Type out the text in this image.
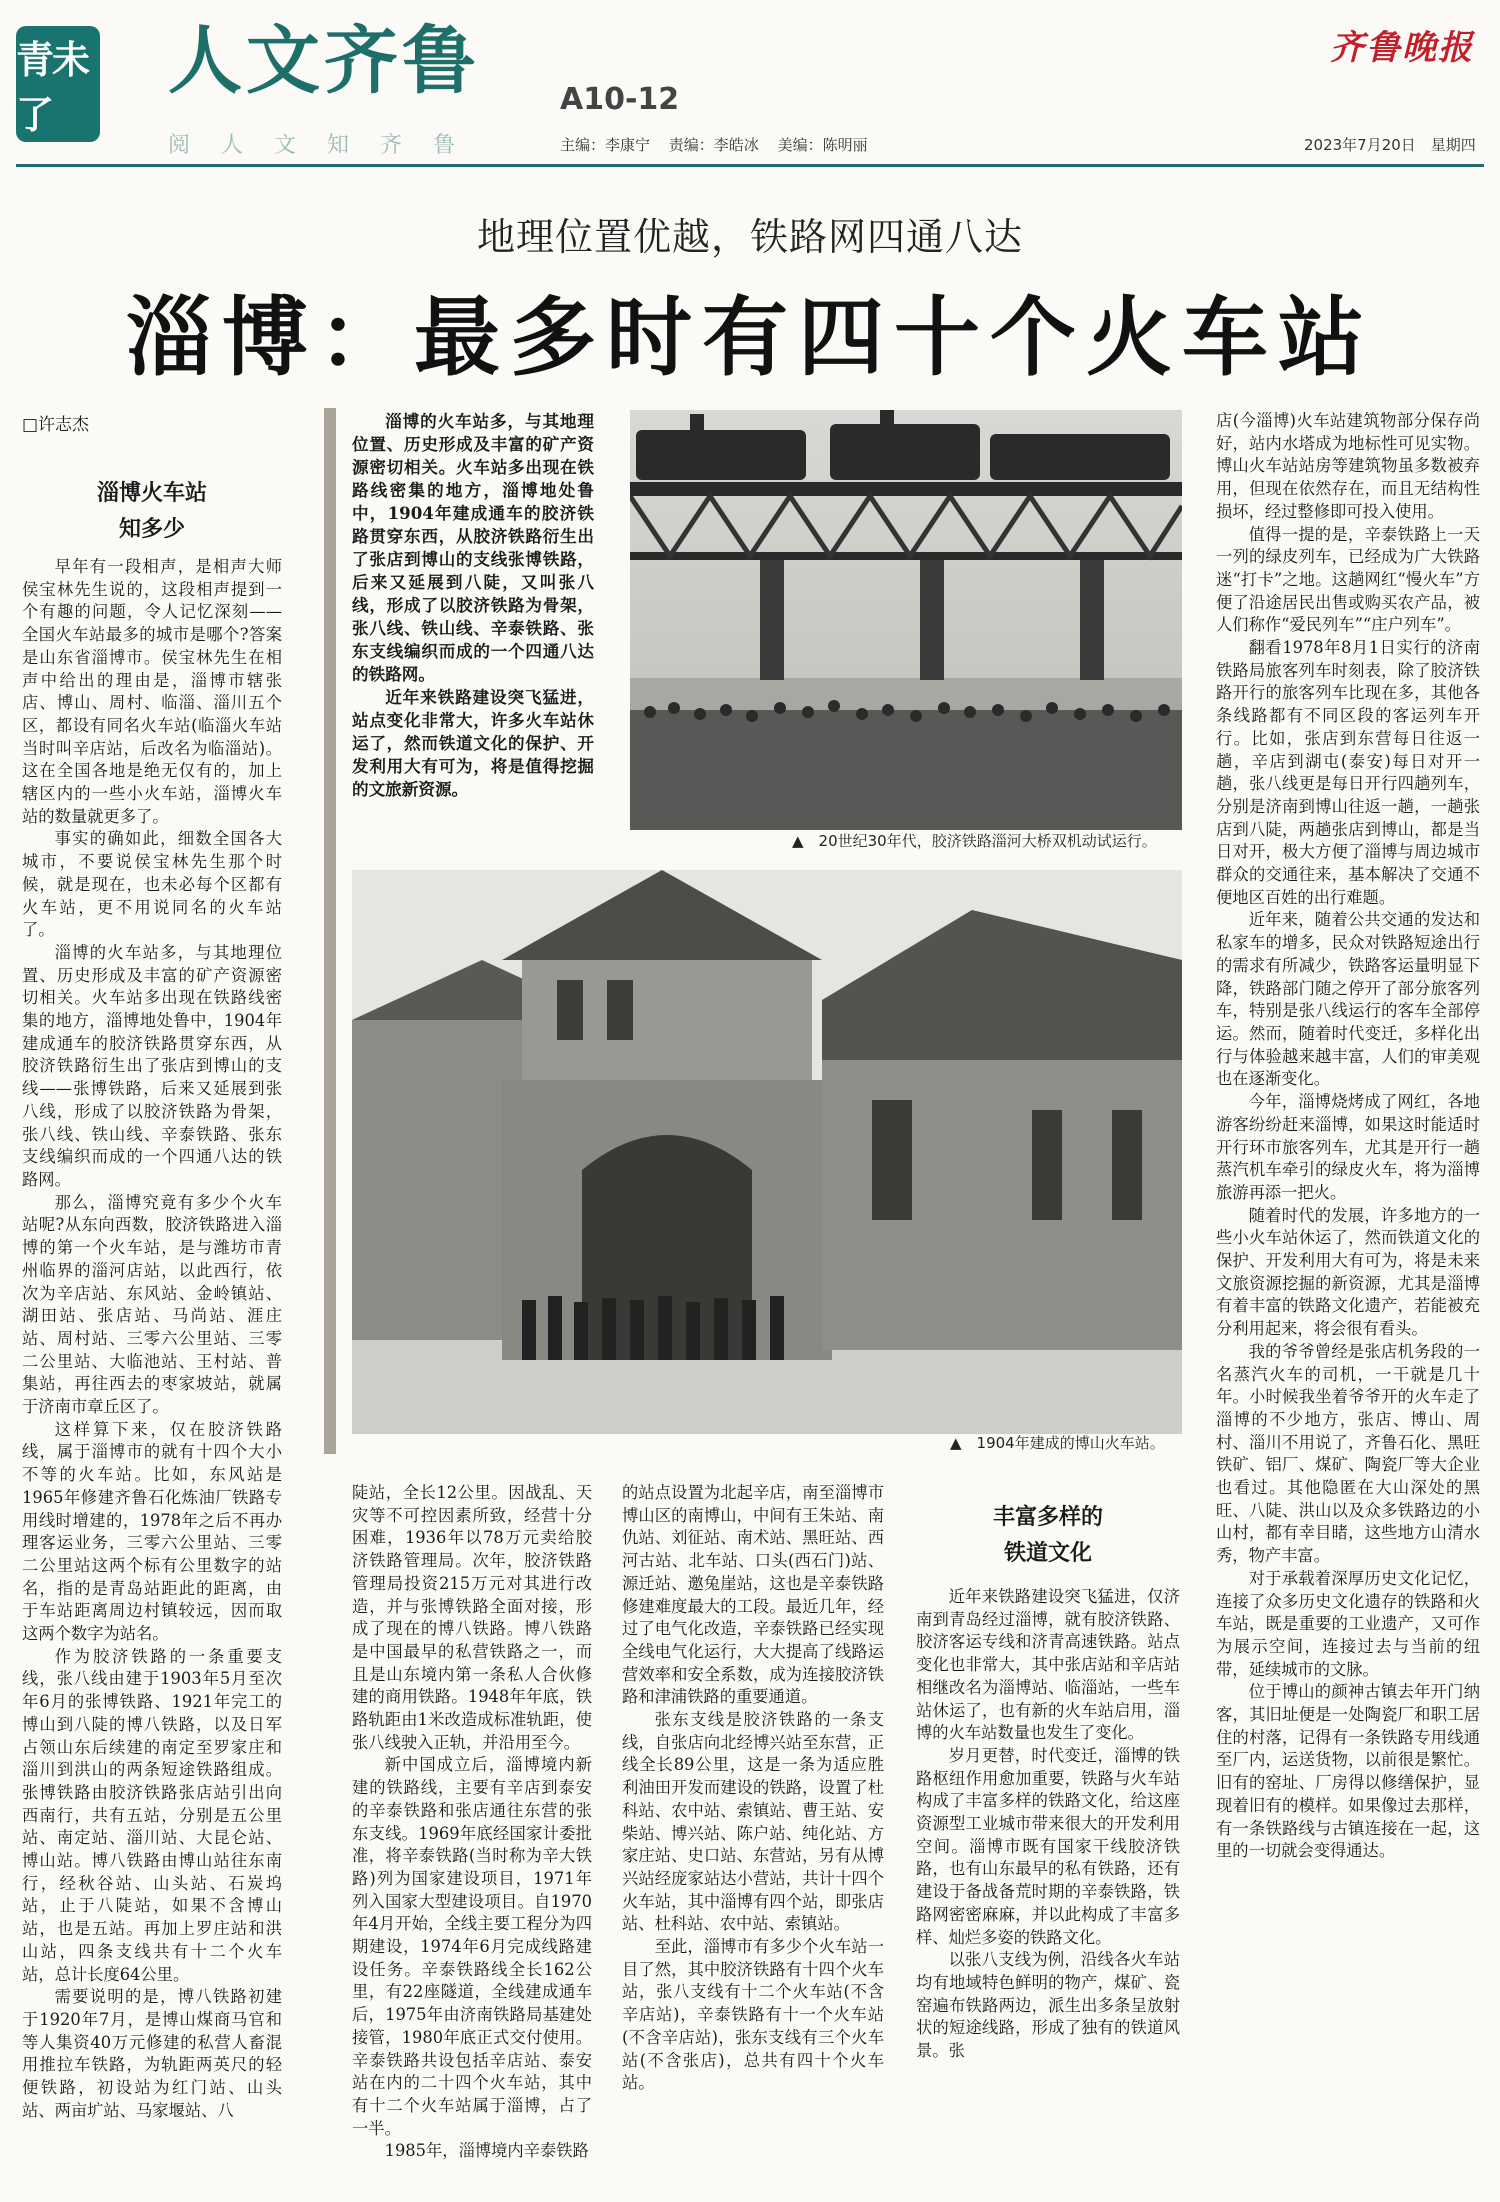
青未了
人文齐鲁	A10-12
齐鲁晚报
阅 人 文 知 齐 鲁	主编：李康宁 责编：李皓冰 美编：陈明丽	2023年7月20日　星期四
地理位置优越，铁路网四通八达
淄博：最多时有四十个火车站
□许志杰
淄博火车站
知多少

早年有一段相声，是相声大师侯宝林先生说的，这段相声提到一个有趣的问题，令人记忆深刻——全国火车站最多的城市是哪个?答案是山东省淄博市。侯宝林先生在相声中给出的理由是，淄博市辖张店、博山、周村、临淄、淄川五个区，都设有同名火车站(临淄火车站当时叫辛店站，后改名为临淄站)。这在全国各地是绝无仅有的，加上辖区内的一些小火车站，淄博火车站的数量就更多了。

事实的确如此，细数全国各大城市，不要说侯宝林先生那个时候，就是现在，也未必每个区都有火车站，更不用说同名的火车站了。

淄博的火车站多，与其地理位置、历史形成及丰富的矿产资源密切相关。火车站多出现在铁路线密集的地方，淄博地处鲁中，1904年建成通车的胶济铁路贯穿东西，从胶济铁路衍生出了张店到博山的支线——张博铁路，后来又延展到张八线，形成了以胶济铁路为骨架，张八线、铁山线、辛泰铁路、张东支线编织而成的一个四通八达的铁路网。

那么，淄博究竟有多少个火车站呢?从东向西数，胶济铁路进入淄博的第一个火车站，是与潍坊市青州临界的淄河店站，以此西行，依次为辛店站、东风站、金岭镇站、湖田站、张店站、马尚站、涯庄站、周村站、三零六公里站、三零二公里站、大临池站、王村站、普集站，再往西去的枣家坡站，就属于济南市章丘区了。

这样算下来，仅在胶济铁路线，属于淄博市的就有十四个大小不等的火车站。比如，东风站是1965年修建齐鲁石化炼油厂铁路专用线时增建的，1978年之后不再办理客运业务，三零六公里站、三零二公里站这两个标有公里数字的站名，指的是青岛站距此的距离，由于车站距离周边村镇较远，因而取这两个数字为站名。

作为胶济铁路的一条重要支线，张八线由建于1903年5月至次年6月的张博铁路、1921年完工的博山到八陡的博八铁路，以及日军占领山东后续建的南定至罗家庄和淄川到洪山的两条短途铁路组成。张博铁路由胶济铁路张店站引出向西南行，共有五站，分别是五公里站、南定站、淄川站、大昆仑站、博山站。博八铁路由博山站往东南行，经秋谷站、山头站、石炭坞站，止于八陡站，如果不含博山站，也是五站。再加上罗庄站和洪山站，四条支线共有十二个火车站，总计长度64公里。

需要说明的是，博八铁路初建于1920年7月，是博山煤商马官和等人集资40万元修建的私营人畜混用推拉车铁路，为轨距两英尺的轻便铁路，初设站为红门站、山头站、两亩圹站、马家堰站、八

淄博的火车站多，与其地理位置、历史形成及丰富的矿产资源密切相关。火车站多出现在铁路线密集的地方，淄博地处鲁中，1904年建成通车的胶济铁路贯穿东西，从胶济铁路衍生出了张店到博山的支线张博铁路，后来又延展到八陡，又叫张八线，形成了以胶济铁路为骨架，张八线、铁山线、辛泰铁路、张东支线编织而成的一个四通八达的铁路网。

近年来铁路建设突飞猛进，站点变化非常大，许多火车站休运了，然而铁道文化的保护、开发利用大有可为，将是值得挖掘的文旅新资源。

▲　20世纪30年代，胶济铁路淄河大桥双机动试运行。
▲　1904年建成的博山火车站。

陡站，全长12公里。因战乱、天灾等不可控因素所致，经营十分困难，1936年以78万元卖给胶济铁路管理局。次年，胶济铁路管理局投资215万元对其进行改造，并与张博铁路全面对接，形成了现在的博八铁路。博八铁路是中国最早的私营铁路之一，而且是山东境内第一条私人合伙修建的商用铁路。1948年年底，铁路轨距由1米改造成标准轨距，使张八线驶入正轨，并沿用至今。

新中国成立后，淄博境内新建的铁路线，主要有辛店到泰安的辛泰铁路和张店通往东营的张东支线。1969年底经国家计委批准，将辛泰铁路(当时称为辛大铁路)列为国家建设项目，1971年列入国家大型建设项目。自1970年4月开始，全线主要工程分为四期建设，1974年6月完成线路建设任务。辛泰铁路线全长162公里，有22座隧道，全线建成通车后，1975年由济南铁路局基建处接管，1980年底正式交付使用。辛泰铁路共设包括辛店站、泰安站在内的二十四个火车站，其中有十二个火车站属于淄博，占了一半。

1985年，淄博境内辛泰铁路

的站点设置为北起辛店，南至淄博市博山区的南博山，中间有王朱站、南仇站、刘征站、南术站、黑旺站、西河古站、北车站、口头(西石门)站、源迁站、邀兔崖站，这也是辛泰铁路修建难度最大的工段。最近几年，经过了电气化改造，辛泰铁路已经实现全线电气化运行，大大提高了线路运营效率和安全系数，成为连接胶济铁路和津浦铁路的重要通道。

张东支线是胶济铁路的一条支线，自张店向北经博兴站至东营，正线全长89公里，这是一条为适应胜利油田开发而建设的铁路，设置了杜科站、农中站、索镇站、曹王站、安柴站、博兴站、陈户站、纯化站、方家庄站、史口站、东营站，另有从博兴站经庞家站达小营站，共计十四个火车站，其中淄博有四个站，即张店站、杜科站、农中站、索镇站。

至此，淄博市有多少个火车站一目了然，其中胶济铁路有十四个火车站，张八支线有十二个火车站(不含辛店站)，辛泰铁路有十一个火车站(不含辛店站)，张东支线有三个火车站(不含张店)，总共有四十个火车站。

丰富多样的
铁道文化

近年来铁路建设突飞猛进，仅济南到青岛经过淄博，就有胶济铁路、胶济客运专线和济青高速铁路。站点变化也非常大，其中张店站和辛店站相继改名为淄博站、临淄站，一些车站休运了，也有新的火车站启用，淄博的火车站数量也发生了变化。

岁月更替，时代变迁，淄博的铁路枢纽作用愈加重要，铁路与火车站构成了丰富多样的铁路文化，给这座资源型工业城市带来很大的开发利用空间。淄博市既有国家干线胶济铁路，也有山东最早的私有铁路，还有建设于备战备荒时期的辛泰铁路，铁路网密密麻麻，并以此构成了丰富多样、灿烂多姿的铁路文化。

以张八支线为例，沿线各火车站均有地域特色鲜明的物产，煤矿、瓷窑遍布铁路两边，派生出多条呈放射状的短途线路，形成了独有的铁道风景。张

店(今淄博)火车站建筑物部分保存尚好，站内水塔成为地标性可见实物。博山火车站站房等建筑物虽多数被弃用，但现在依然存在，而且无结构性损坏，经过整修即可投入使用。

值得一提的是，辛泰铁路上一天一列的绿皮列车，已经成为广大铁路迷“打卡”之地。这趟网红“慢火车”方便了沿途居民出售或购买农产品，被人们称作“爱民列车”“庄户列车”。

翻看1978年8月1日实行的济南铁路局旅客列车时刻表，除了胶济铁路开行的旅客列车比现在多，其他各条线路都有不同区段的客运列车开行。比如，张店到东营每日往返一趟，辛店到湖屯(泰安)每日对开一趟，张八线更是每日开行四趟列车，分别是济南到博山往返一趟，一趟张店到八陡，两趟张店到博山，都是当日对开，极大方便了淄博与周边城市群众的交通往来，基本解决了交通不便地区百姓的出行难题。

近年来，随着公共交通的发达和私家车的增多，民众对铁路短途出行的需求有所减少，铁路客运量明显下降，铁路部门随之停开了部分旅客列车，特别是张八线运行的客车全部停运。然而，随着时代变迁，多样化出行与体验越来越丰富，人们的审美观也在逐渐变化。

今年，淄博烧烤成了网红，各地游客纷纷赶来淄博，如果这时能适时开行环市旅客列车，尤其是开行一趟蒸汽机车牵引的绿皮火车，将为淄博旅游再添一把火。

随着时代的发展，许多地方的一些小火车站休运了，然而铁道文化的保护、开发利用大有可为，将是未来文旅资源挖掘的新资源，尤其是淄博有着丰富的铁路文化遗产，若能被充分利用起来，将会很有看头。

我的爷爷曾经是张店机务段的一名蒸汽火车的司机，一干就是几十年。小时候我坐着爷爷开的火车走了淄博的不少地方，张店、博山、周村、淄川不用说了，齐鲁石化、黑旺铁矿、铝厂、煤矿、陶瓷厂等大企业也看过。其他隐匿在大山深处的黑旺、八陡、洪山以及众多铁路边的小山村，都有幸目睹，这些地方山清水秀，物产丰富。

对于承载着深厚历史文化记忆，连接了众多历史文化遗存的铁路和火车站，既是重要的工业遗产，又可作为展示空间，连接过去与当前的纽带，延续城市的文脉。

位于博山的颜神古镇去年开门纳客，其旧址便是一处陶瓷厂和职工居住的村落，记得有一条铁路专用线通至厂内，运送货物，以前很是繁忙。旧有的窑址、厂房得以修缮保护，显现着旧有的模样。如果像过去那样，有一条铁路线与古镇连接在一起，这里的一切就会变得通达。
